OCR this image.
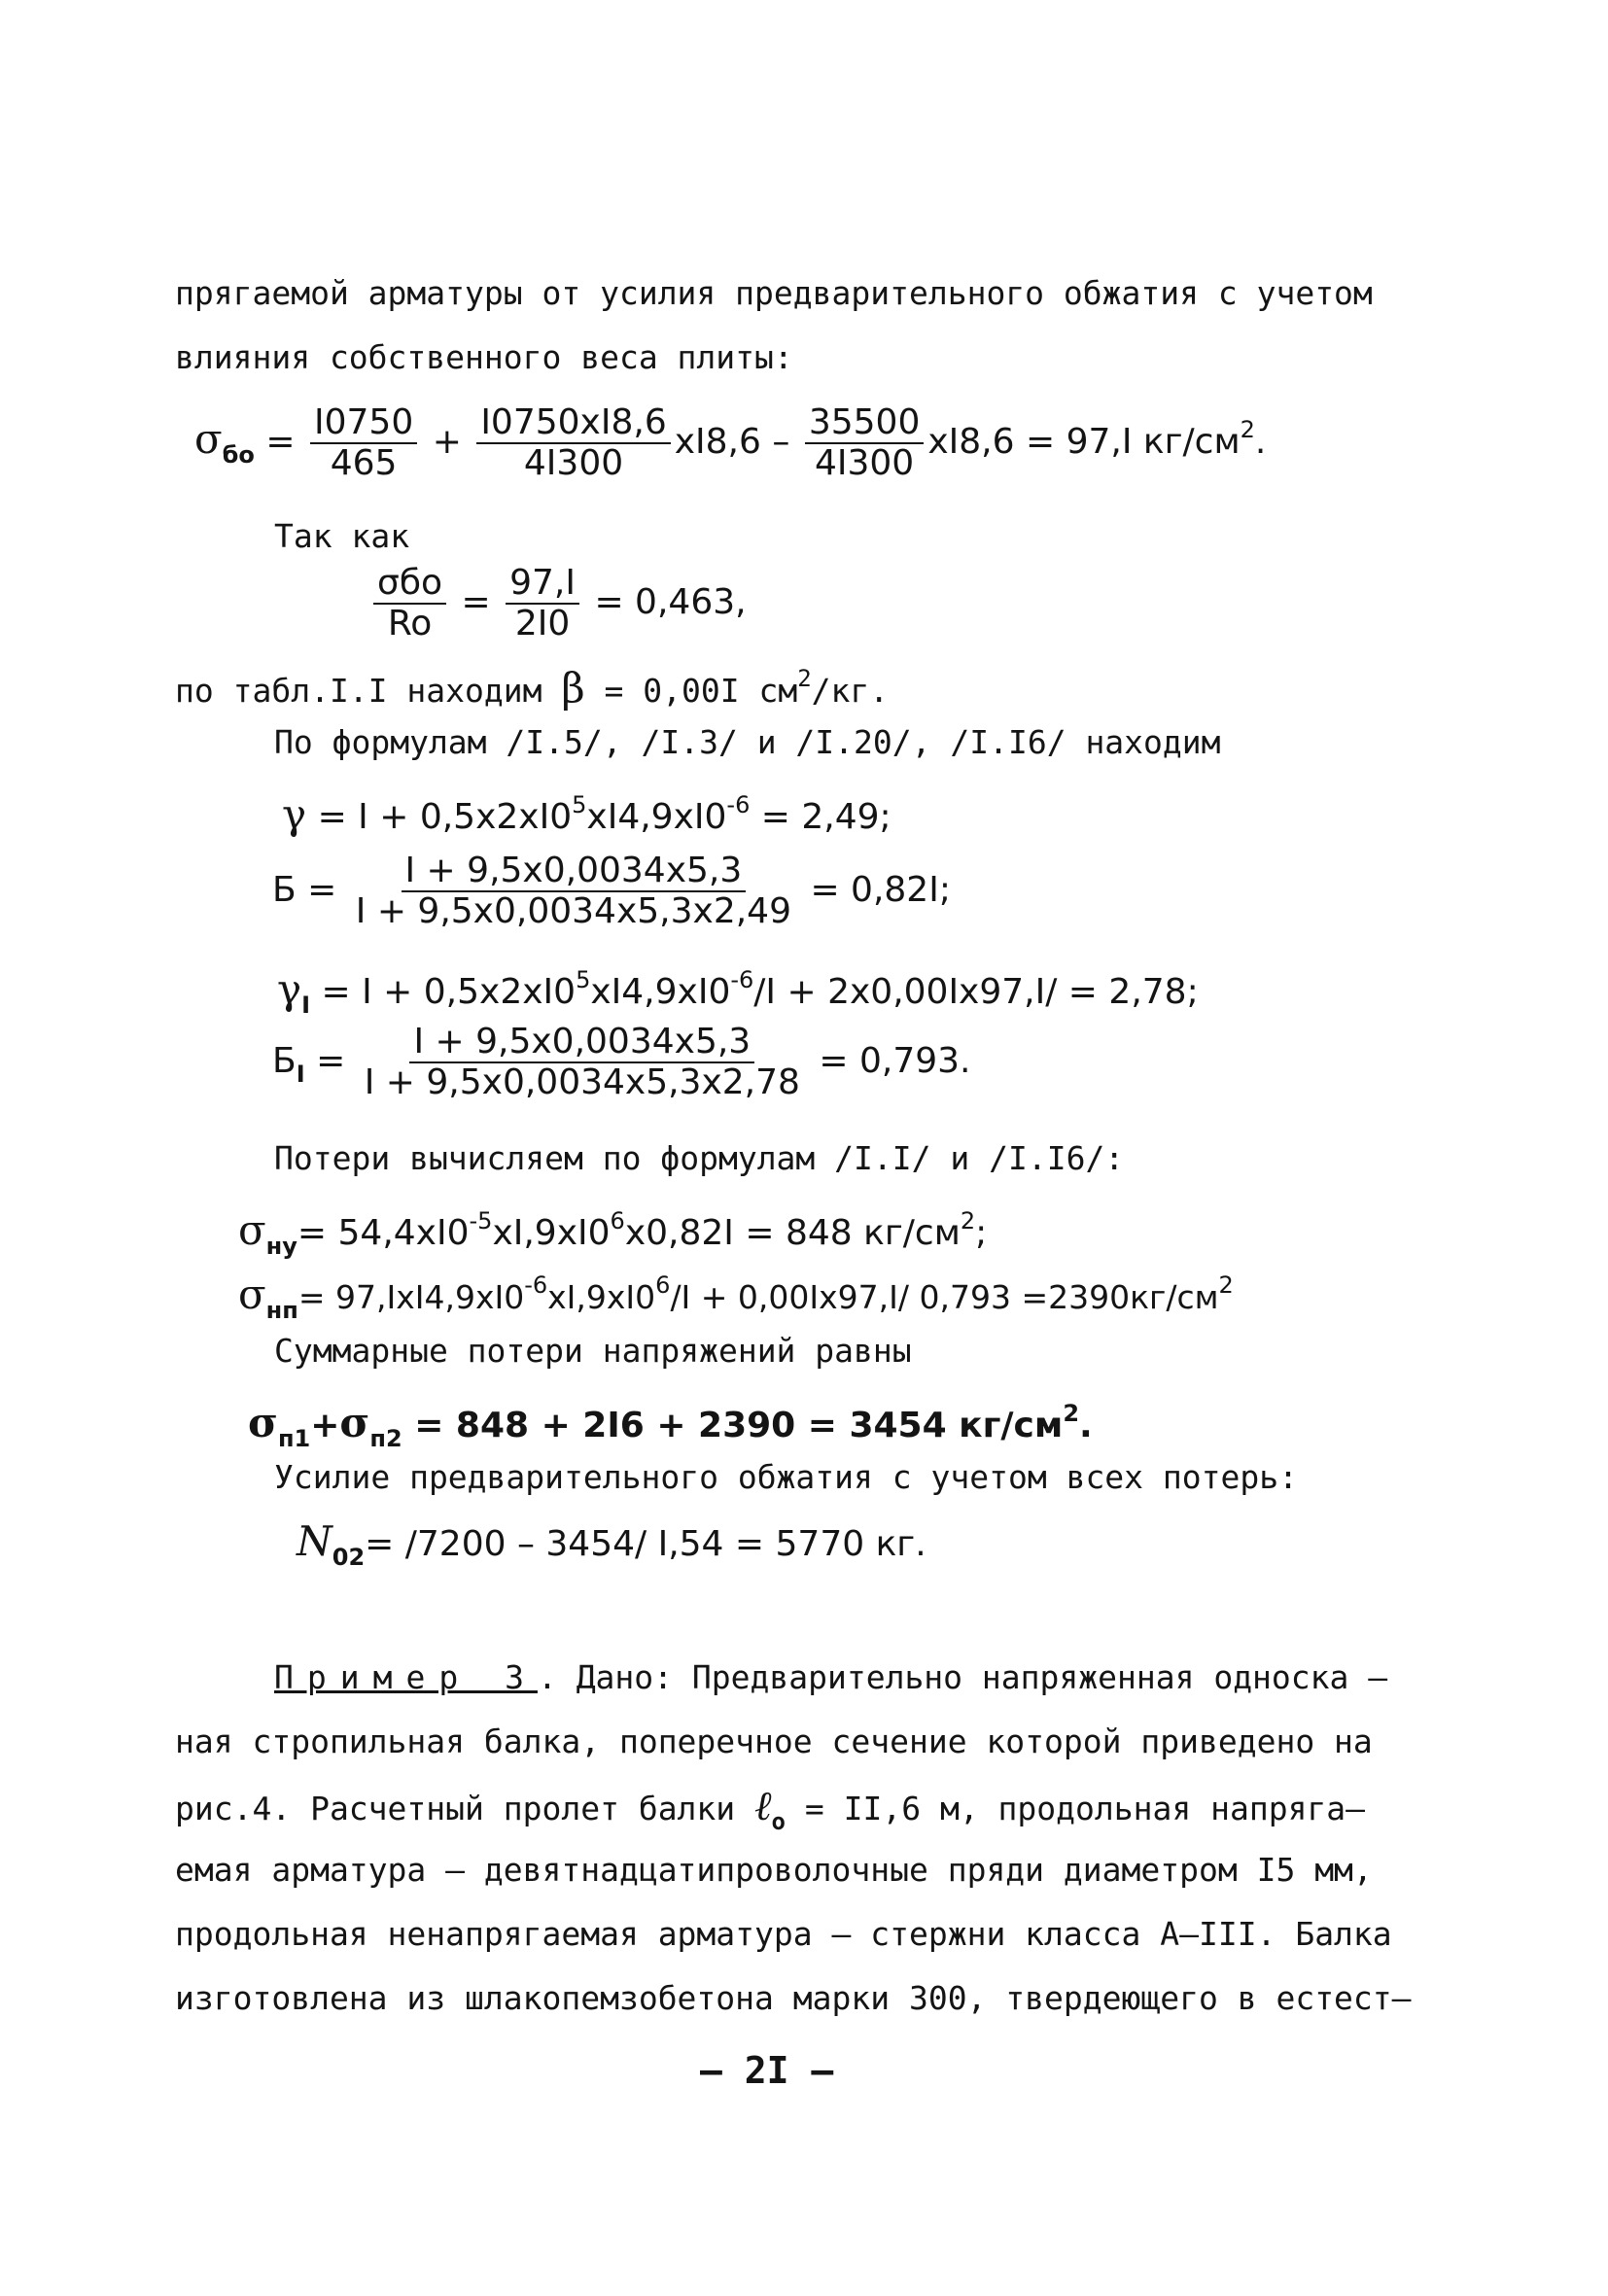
прягаемой арматуры от усилия предварительного обжатия с учетом
влияния собственного веса плиты:
$\sigma_{бо} = \frac{I0750}{465} + \frac{I0750xI8,6}{4I300} xI8,6 - \frac{35500}{4I300} xI8,6 = 97,I$ $кг/см^2$.
Так как
$\frac{\text{σбо}}{Ro} = \frac{97,I}{2I0} = 0,463$,
по табл.I.I находим β = 0,00I $см^2/кг$.
По формулам /I.5/, /I.3/ и /I.20/, /I.I6/ находим
$\gamma = I + 0,5x2xI0^5xI4,9xI0^{-6} = 2,49$;
$Б = \frac{I + 9,5x0,0034x5,3}{I + 9,5x0,0034x5,3x2,49} = 0,82I$;
$\gamma_I = I + 0,5x2xI0^5xI4,9xI0^{-6}/I + 2x0,00Ix97,I/ = 2,78$;
$Б_I = \frac{I + 9,5x0,0034x5,3}{I + 9,5x0,0034x5,3x2,78} = 0,793$.
Потери вычисляем по формулам /I.I/ и /I.I6/:
$\sigma_{ну}= 54,4xI0^{-5}xI,9xI0^6x0,82I = 848$ $кг/см^2$;
$\sigma_{нп}= 97,IxI4,9xI0^{-6}xI,9xI0^6/I + 0,00Ix97,I/$ $0,793 =2390кг/см^2$
Суммарные потери напряжений равны
$\sigma_{п1}+\sigma_{п2} = 848 + 2I6 + 2390 = 3454$ $кг/см^2$.
Усилие предварительного обжатия с учетом всех потерь:
$N_{02}= /7200 - 3454/$ I,54 = 5770 кг.
Пример 3. Дано: Предварительно напряженная односка –
ная стропильная балка, поперечное сечение которой приведено на
рис.4. Расчетный пролет балки ℓ$_o$ = II,6 м, продольная напряга–
емая арматура – девятнадцатипроволочные пряди диаметром I5 мм,
продольная ненапрягаемая арматура – стержни класса А–III. Балка
изготовлена из шлакопемзобетона марки 300, твердеющего в естест–
– 2I –
